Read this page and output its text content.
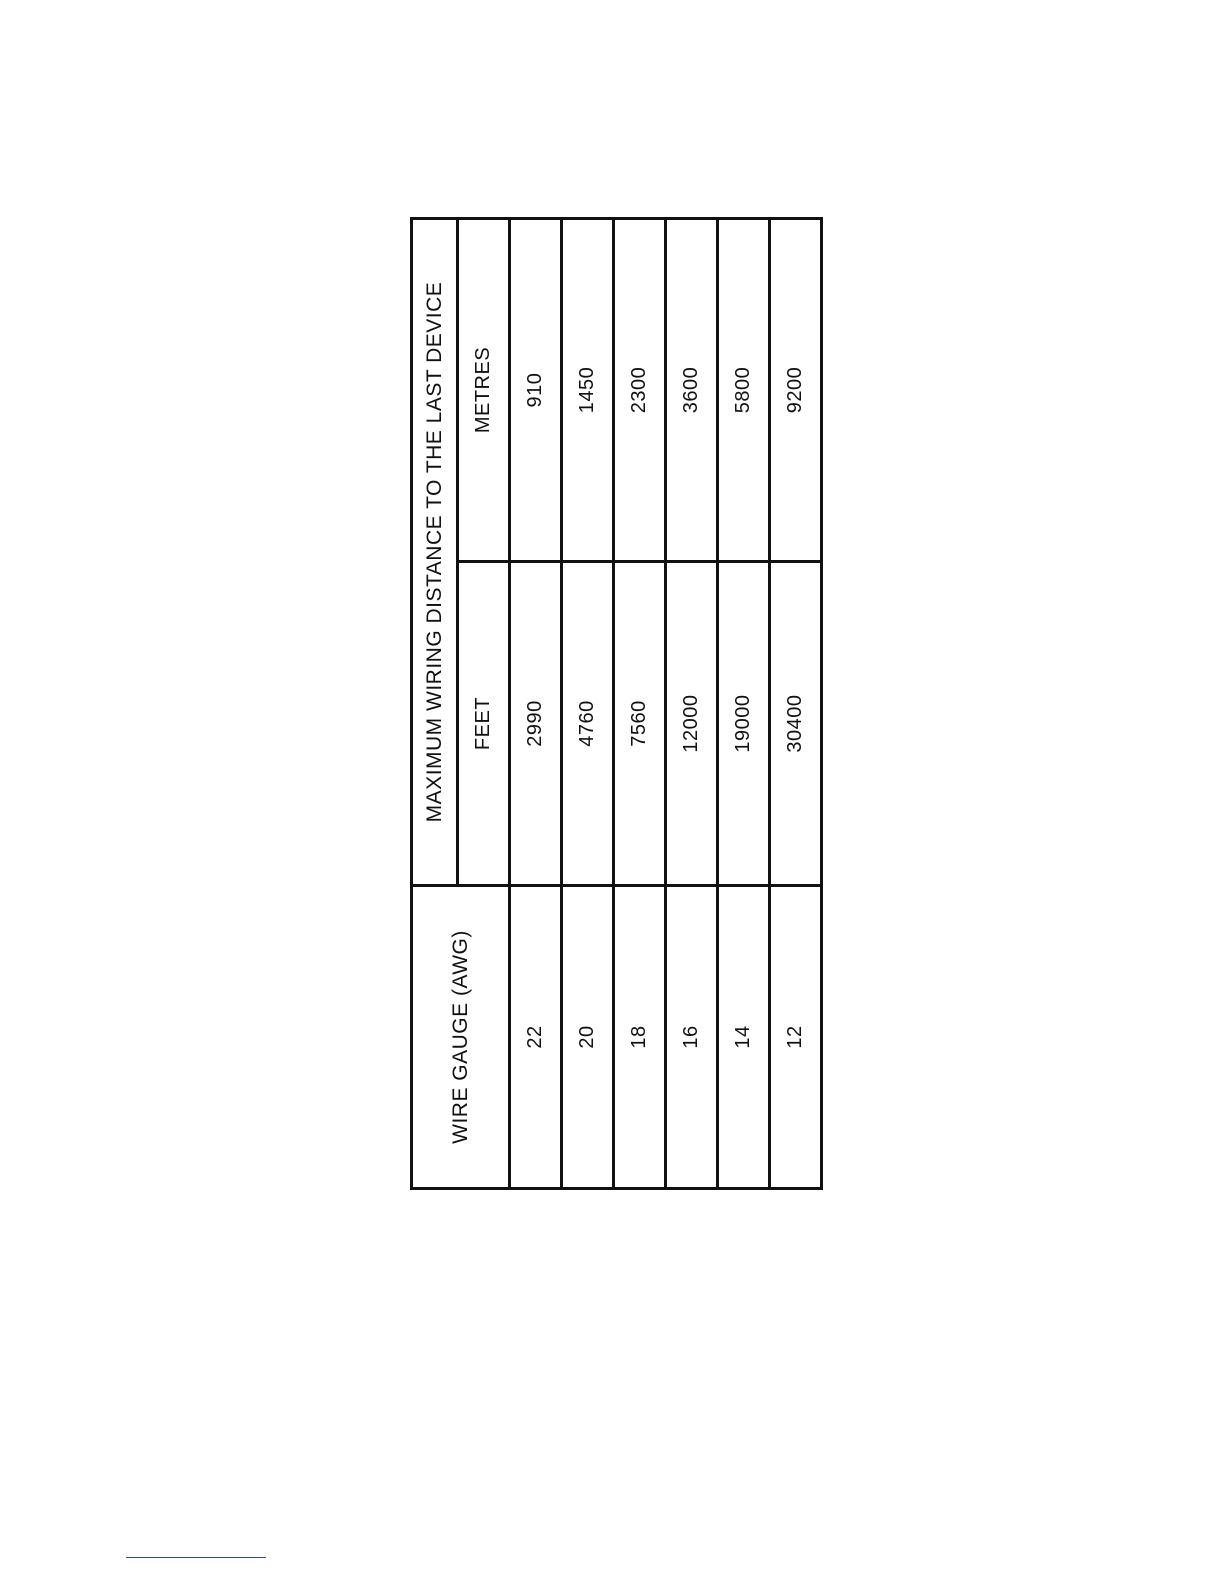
WIRE GAUGE (AWG)	MAXIMUM WIRING DISTANCE TO THE LAST DEVICE	
	FEET	METRES
22	2990	910
20	4760	1450
18	7560	2300
16	12000	3600
14	19000	5800
12	30400	9200
